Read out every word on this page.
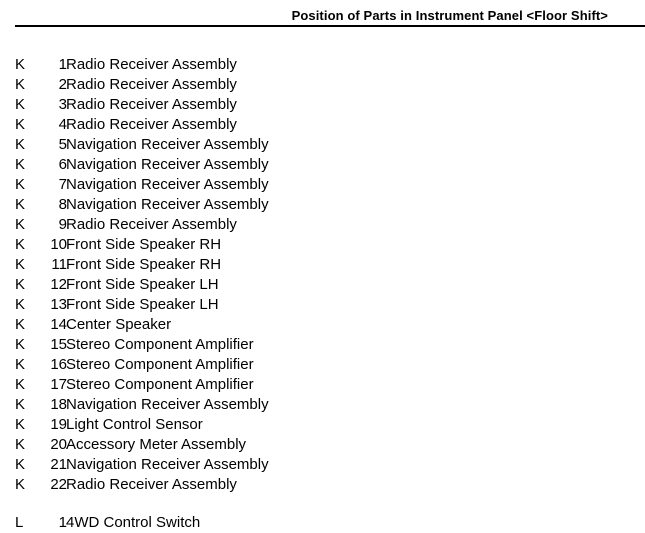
Position of Parts in Instrument Panel <Floor Shift>
K	1 Radio Receiver Assembly
K	2 Radio Receiver Assembly
K	3 Radio Receiver Assembly
K	4 Radio Receiver Assembly
K	5 Navigation Receiver Assembly
K	6 Navigation Receiver Assembly
K	7 Navigation Receiver Assembly
K	8 Navigation Receiver Assembly
K	9 Radio Receiver Assembly
K	10 Front Side Speaker RH
K	11 Front Side Speaker RH
K	12 Front Side Speaker LH
K	13 Front Side Speaker LH
K	14 Center Speaker
K	15 Stereo Component Amplifier
K	16 Stereo Component Amplifier
K	17 Stereo Component Amplifier
K	18 Navigation Receiver Assembly
K	19 Light Control Sensor
K	20 Accessory Meter Assembly
K	21 Navigation Receiver Assembly
K	22 Radio Receiver Assembly
L	1 4WD Control Switch
